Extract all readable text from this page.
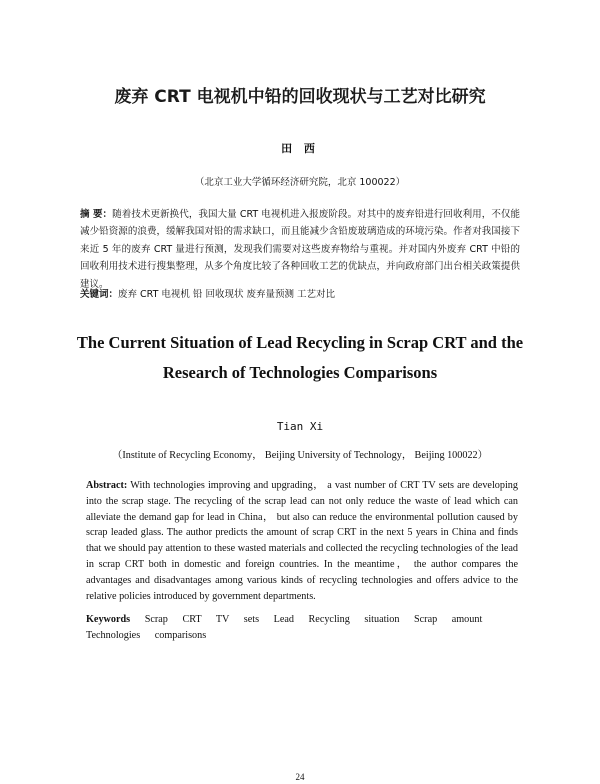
废弃 CRT 电视机中铅的回收现状与工艺对比研究
田 西
（北京工业大学循环经济研究院，北京 100022）
摘 要：随着技术更新换代，我国大量 CRT 电视机进入报废阶段。对其中的废弃铅进行回收利用，不仅能减少铅资源的浪费，缓解我国对铅的需求缺口，而且能减少含铅废玻璃造成的环境污染。作者对我国接下来近 5 年的废弃 CRT 量进行预测，发现我们需要对这些废弃物给与重视。并对国内外废弃 CRT 中铅的回收利用技术进行搜集整理，从多个角度比较了各种回收工艺的优缺点，并向政府部门出台相关政策提供建议。
关键词：废弃 CRT 电视机 铅 回收现状 废弃量预测 工艺对比
The Current Situation of Lead Recycling in Scrap CRT and the
Research of Technologies Comparisons
Tian Xi
（Institute of Recycling Economy， Beijing University of Technology， Beijing 100022）
Abstract: With technologies improving and upgrading， a vast number of CRT TV sets are developing into the scrap stage. The recycling of the scrap lead can not only reduce the waste of lead which can alleviate the demand gap for lead in China， but also can reduce the environmental pollution caused by scrap leaded glass. The author predicts the amount of scrap CRT in the next 5 years in China and finds that we should pay attention to these wasted materials and collected the recycling technologies of the lead in scrap CRT both in domestic and foreign countries. In the meantime， the author compares the advantages and disadvantages among various kinds of recycling technologies and offers advice to the relative policies introduced by government departments.
Keywords Scrap CRT TV sets Lead Recycling situation Scrap amount Technologies comparisons
24
